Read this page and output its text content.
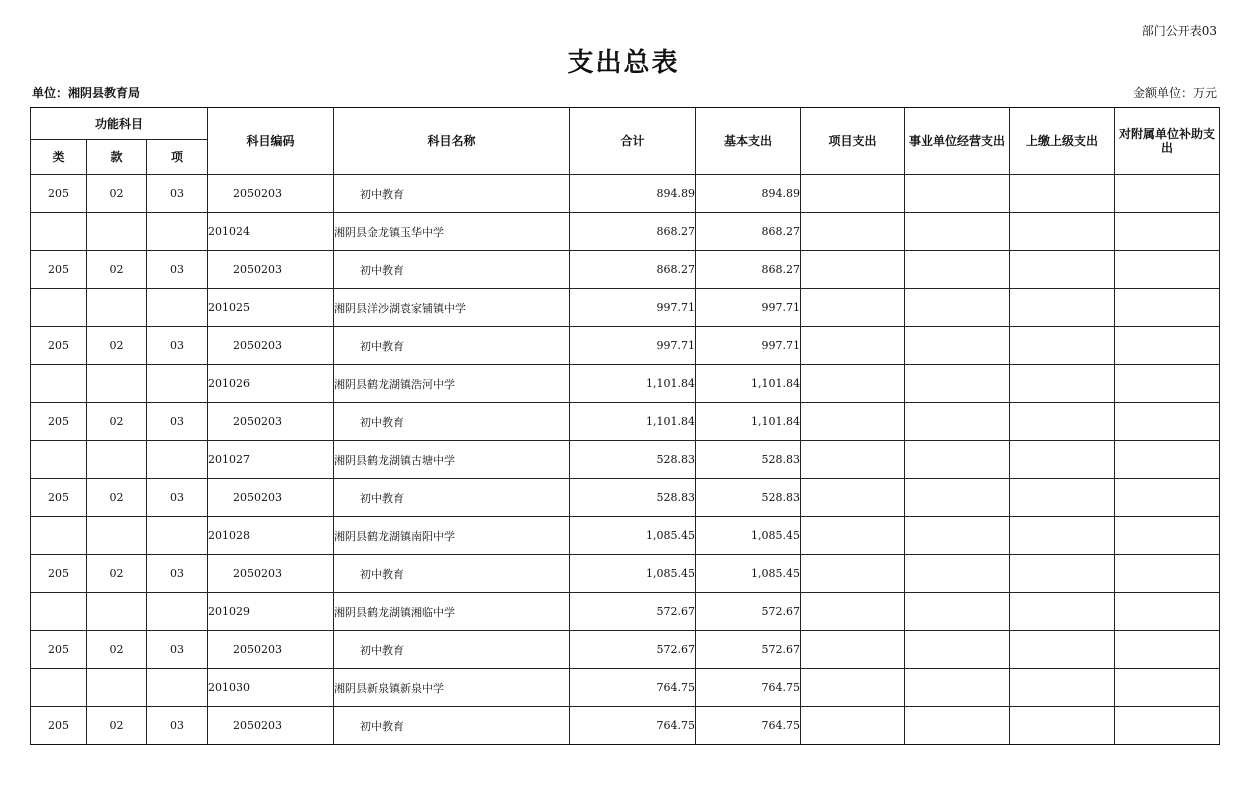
部门公开表03
支出总表
单位：湘阴县教育局	金额单位：万元
功能科目			科目编码	科目名称	合计	基本支出	项目支出	事业单位经营支出	上缴上级支出	对附属单位补助支出
类	款	项								
205	02	03	2050203	初中教育	894.89	894.89				
			201024	湘阴县金龙镇玉华中学	868.27	868.27				
205	02	03	2050203	初中教育	868.27	868.27				
			201025	湘阴县洋沙湖袁家铺镇中学	997.71	997.71				
205	02	03	2050203	初中教育	997.71	997.71				
			201026	湘阴县鹤龙湖镇浩河中学	1,101.84	1,101.84				
205	02	03	2050203	初中教育	1,101.84	1,101.84				
			201027	湘阴县鹤龙湖镇古塘中学	528.83	528.83				
205	02	03	2050203	初中教育	528.83	528.83				
			201028	湘阴县鹤龙湖镇南阳中学	1,085.45	1,085.45				
205	02	03	2050203	初中教育	1,085.45	1,085.45				
			201029	湘阴县鹤龙湖镇湘临中学	572.67	572.67				
205	02	03	2050203	初中教育	572.67	572.67				
			201030	湘阴县新泉镇新泉中学	764.75	764.75				
205	02	03	2050203	初中教育	764.75	764.75				
